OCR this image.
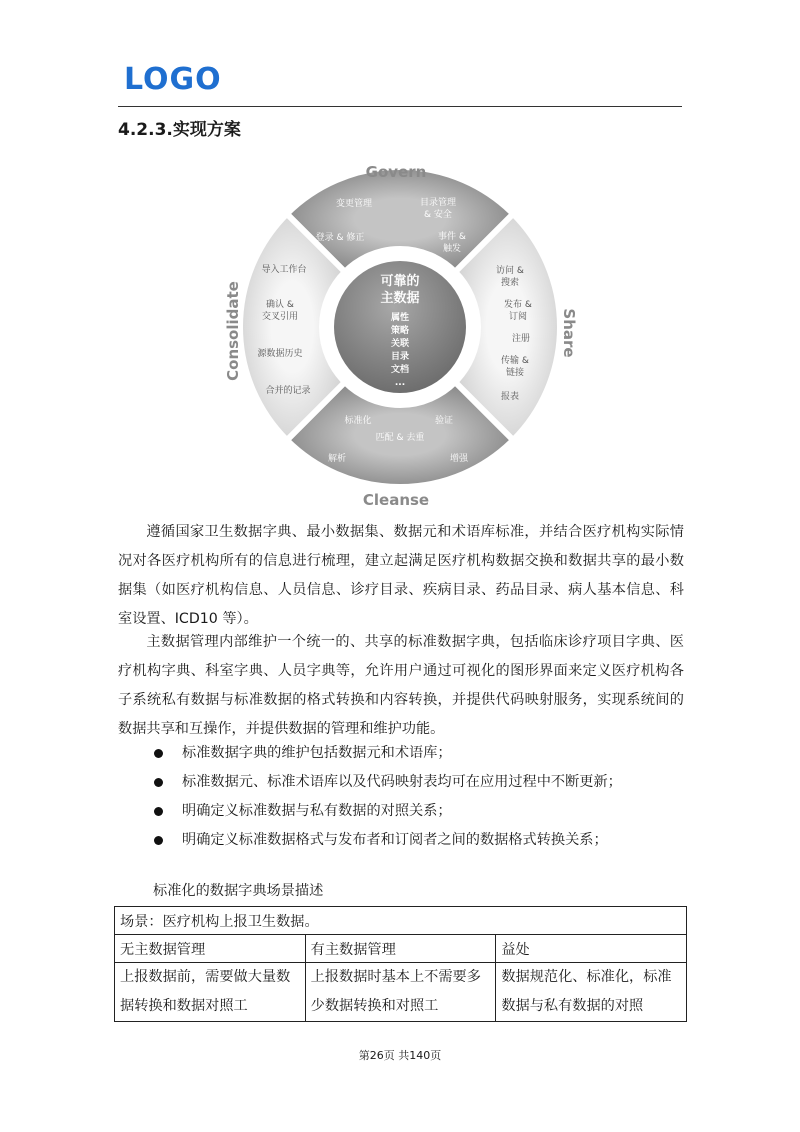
LOGO
4.2.3.实现方案
Govern
Share
Cleanse
Consolidate
变更管理	目录管理
& 安全
登录 & 修正	事件 &
触发
访问 &
搜索
发布 &
订阅
注册
传输 &
链接
报表
标准化	验证
匹配 & 去重
解析	增强
导入工作台
确认 &
交叉引用
源数据历史
合并的记录
可靠的
主数据
属性
策略
关联
目录
文档
...

遵循国家卫生数据字典、最小数据集、数据元和术语库标准，并结合医疗机构实际情况对各医疗机构所有的信息进行梳理，建立起满足医疗机构数据交换和数据共享的最小数据集（如医疗机构信息、人员信息、诊疗目录、疾病目录、药品目录、病人基本信息、科室设置、ICD10 等）。

主数据管理内部维护一个统一的、共享的标准数据字典，包括临床诊疗项目字典、医疗机构字典、科室字典、人员字典等，允许用户通过可视化的图形界面来定义医疗机构各子系统私有数据与标准数据的格式转换和内容转换，并提供代码映射服务，实现系统间的数据共享和互操作，并提供数据的管理和维护功能。

标准数据字典的维护包括数据元和术语库；
标准数据元、标准术语库以及代码映射表均可在应用过程中不断更新；
明确定义标准数据与私有数据的对照关系；
明确定义标准数据格式与发布者和订阅者之间的数据格式转换关系；
标准化的数据字典场景描述
场景：医疗机构上报卫生数据。		
无主数据管理	有主数据管理	益处
上报数据前，需要做大量数据转换和数据对照工	上报数据时基本上不需要多少数据转换和对照工	数据规范化、标准化，标准数据与私有数据的对照
第26页 共140页
